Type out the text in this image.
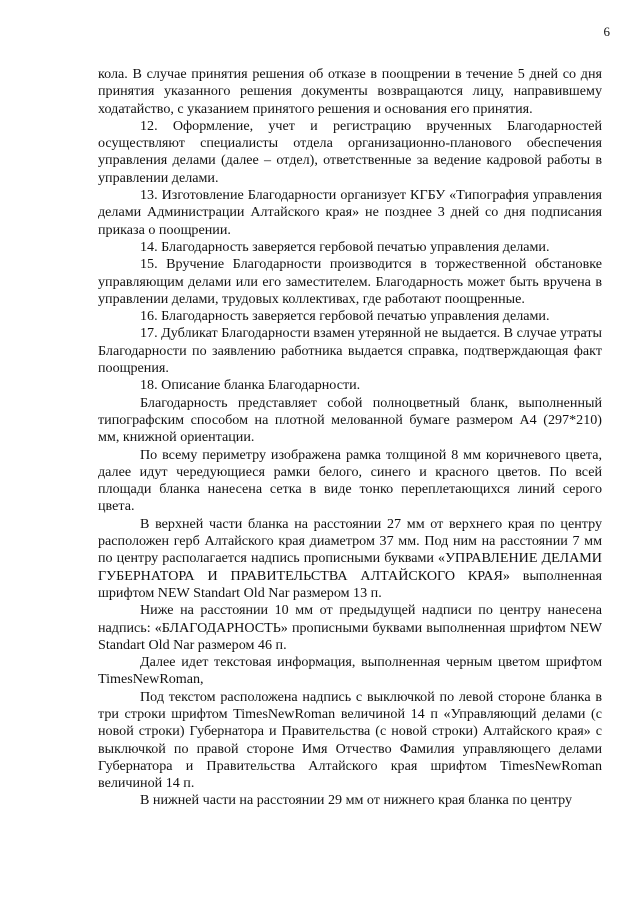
6

кола. В случае принятия решения об отказе в поощрении в течение 5 дней со дня принятия указанного решения документы возвращаются лицу, направившему ходатайство, с указанием принятого решения и основания его принятия.

12. Оформление, учет и регистрацию врученных Благодарностей осуществляют специалисты отдела организационно-планового обеспечения управления делами (далее – отдел), ответственные за ведение кадровой работы в управлении делами.

13. Изготовление Благодарности организует КГБУ «Типография управления делами Администрации Алтайского края» не позднее 3 дней со дня подписания приказа о поощрении.

14. Благодарность заверяется гербовой печатью управления делами.

15. Вручение Благодарности производится в торжественной обстановке управляющим делами или его заместителем. Благодарность может быть вручена в управлении делами, трудовых коллективах, где работают поощренные.

16. Благодарность заверяется гербовой печатью управления делами.

17. Дубликат Благодарности взамен утерянной не выдается. В случае утраты Благодарности по заявлению работника выдается справка, подтверждающая факт поощрения.

18. Описание бланка Благодарности.

Благодарность представляет собой полноцветный бланк, выполненный типографским способом на плотной мелованной бумаге размером А4 (297*210) мм, книжной ориентации.

По всему периметру изображена рамка толщиной 8 мм коричневого цвета, далее идут чередующиеся рамки белого, синего и красного цветов. По всей площади бланка нанесена сетка в виде тонко переплетающихся линий серого цвета.

В верхней части бланка на расстоянии 27 мм от верхнего края по центру расположен герб Алтайского края диаметром 37 мм. Под ним на расстоянии 7 мм по центру располагается надпись прописными буквами «УПРАВЛЕНИЕ ДЕЛАМИ ГУБЕРНАТОРА И ПРАВИТЕЛЬСТВА АЛТАЙСКОГО КРАЯ» выполненная шрифтом NEW Standart Old Nar размером 13 п.

Ниже на расстоянии 10 мм от предыдущей надписи по центру нанесена надпись: «БЛАГОДАРНОСТЬ» прописными буквами выполненная шрифтом NEW Standart Old Nar размером 46 п.

Далее идет текстовая информация, выполненная черным цветом шрифтом TimesNewRoman,

Под текстом расположена надпись с выключкой по левой стороне бланка в три строки шрифтом TimesNewRoman величиной 14 п «Управляющий делами (с новой строки) Губернатора и Правительства (с новой строки) Алтайского края» с выключкой по правой стороне Имя Отчество Фамилия управляющего делами Губернатора и Правительства Алтайского края шрифтом TimesNewRoman величиной 14 п.

В нижней части на расстоянии 29 мм от нижнего края бланка по центру
